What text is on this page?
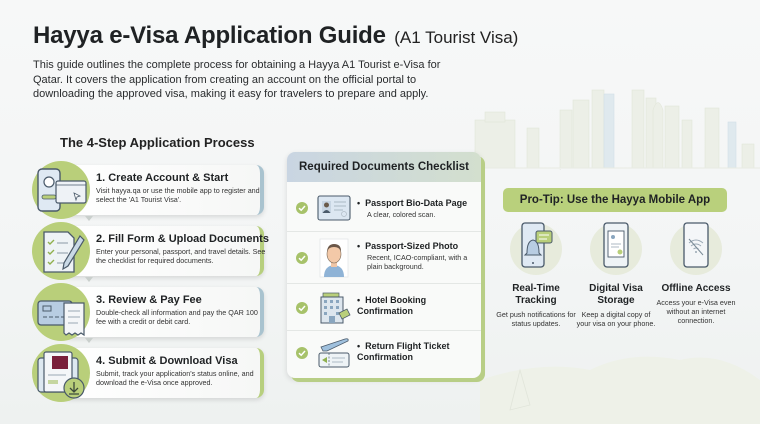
Hayya e-Visa Application Guide (A1 Tourist Visa)
This guide outlines the complete process for obtaining a Hayya A1 Tourist e-Visa for Qatar. It covers the application from creating an account on the official portal to downloading the approved visa, making it easy for travelers to prepare and apply.
The 4-Step Application Process
1. Create Account & Start
Visit hayya.qa or use the mobile app to register and select the 'A1 Tourist Visa'.
2. Fill Form & Upload Documents
Enter your personal, passport, and travel details. See the checklist for required documents.
3. Review & Pay Fee
Double-check all information and pay the QAR 100 fee with a credit or debit card.
4. Submit & Download Visa
Submit, track your application's status online, and download the e-Visa once approved.
Required Documents Checklist
• Passport Bio-Data Page
A clear, colored scan.
• Passport-Sized Photo
Recent, ICAO-compliant, with a plain background.
• Hotel Booking Confirmation
• Return Flight Ticket Confirmation
Pro-Tip: Use the Hayya Mobile App
Real-Time Tracking
Get push notifications for status updates.
Digital Visa Storage
Keep a digital copy of your visa on your phone.
Offline Access
Access your e-Visa even without an internet connection.
